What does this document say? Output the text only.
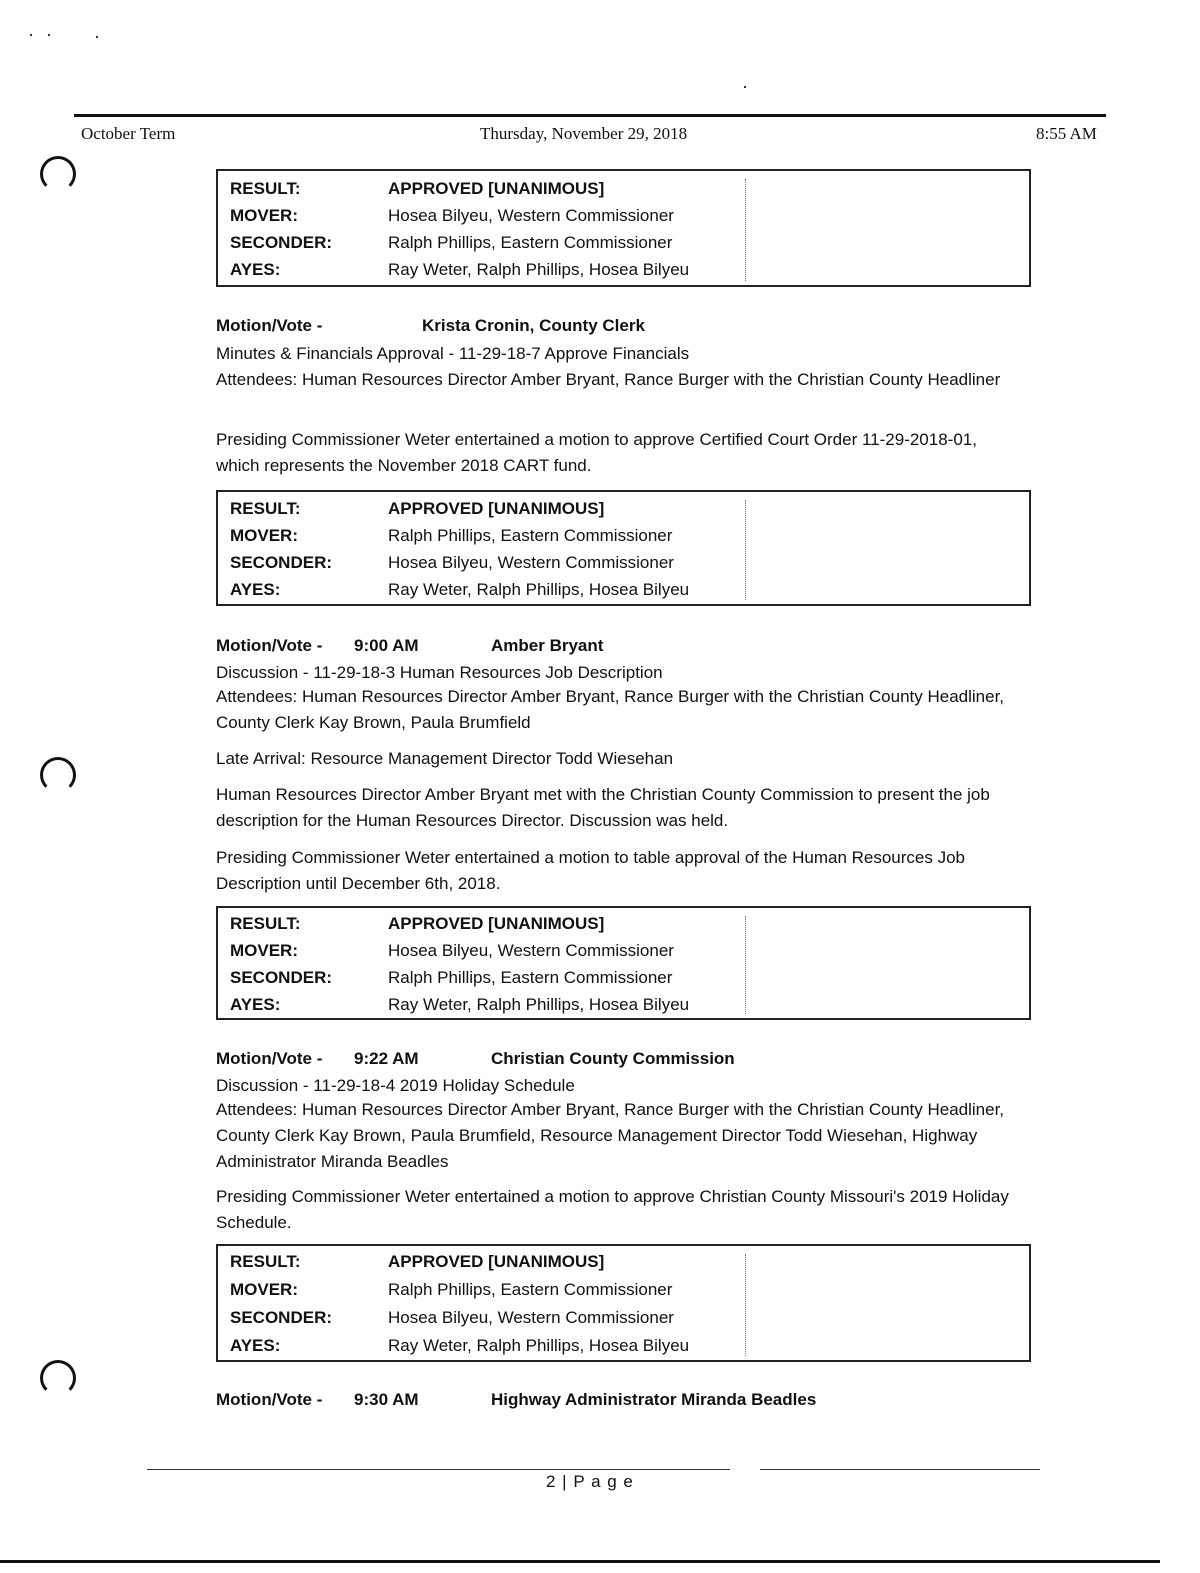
October Term	Thursday, November 29, 2018	8:55 AM
RESULT:	APPROVED [UNANIMOUS]
MOVER:	Hosea Bilyeu, Western Commissioner
SECONDER:	Ralph Phillips, Eastern Commissioner
AYES:	Ray Weter, Ralph Phillips, Hosea Bilyeu
Motion/Vote -	Krista Cronin, County Clerk
Minutes & Financials Approval - 11-29-18-7 Approve Financials
Attendees: Human Resources Director Amber Bryant, Rance Burger with the Christian County Headliner
Presiding Commissioner Weter entertained a motion to approve Certified Court Order 11-29-2018-01, which represents the November 2018 CART fund.
RESULT:	APPROVED [UNANIMOUS]
MOVER:	Ralph Phillips, Eastern Commissioner
SECONDER:	Hosea Bilyeu, Western Commissioner
AYES:	Ray Weter, Ralph Phillips, Hosea Bilyeu
Motion/Vote - 9:00 AM	Amber Bryant
Discussion - 11-29-18-3 Human Resources Job Description
Attendees: Human Resources Director Amber Bryant, Rance Burger with the Christian County Headliner, County Clerk Kay Brown, Paula Brumfield
Late Arrival: Resource Management Director Todd Wiesehan
Human Resources Director Amber Bryant met with the Christian County Commission to present the job description for the Human Resources Director. Discussion was held.
Presiding Commissioner Weter entertained a motion to table approval of the Human Resources Job Description until December 6th, 2018.
RESULT:	APPROVED [UNANIMOUS]
MOVER:	Hosea Bilyeu, Western Commissioner
SECONDER:	Ralph Phillips, Eastern Commissioner
AYES:	Ray Weter, Ralph Phillips, Hosea Bilyeu
Motion/Vote - 9:22 AM	Christian County Commission
Discussion - 11-29-18-4 2019 Holiday Schedule
Attendees: Human Resources Director Amber Bryant, Rance Burger with the Christian County Headliner, County Clerk Kay Brown, Paula Brumfield, Resource Management Director Todd Wiesehan, Highway Administrator Miranda Beadles
Presiding Commissioner Weter entertained a motion to approve Christian County Missouri's 2019 Holiday Schedule.
RESULT:	APPROVED [UNANIMOUS]
MOVER:	Ralph Phillips, Eastern Commissioner
SECONDER:	Hosea Bilyeu, Western Commissioner
AYES:	Ray Weter, Ralph Phillips, Hosea Bilyeu
Motion/Vote - 9:30 AM	Highway Administrator Miranda Beadles
2 | P a g e
